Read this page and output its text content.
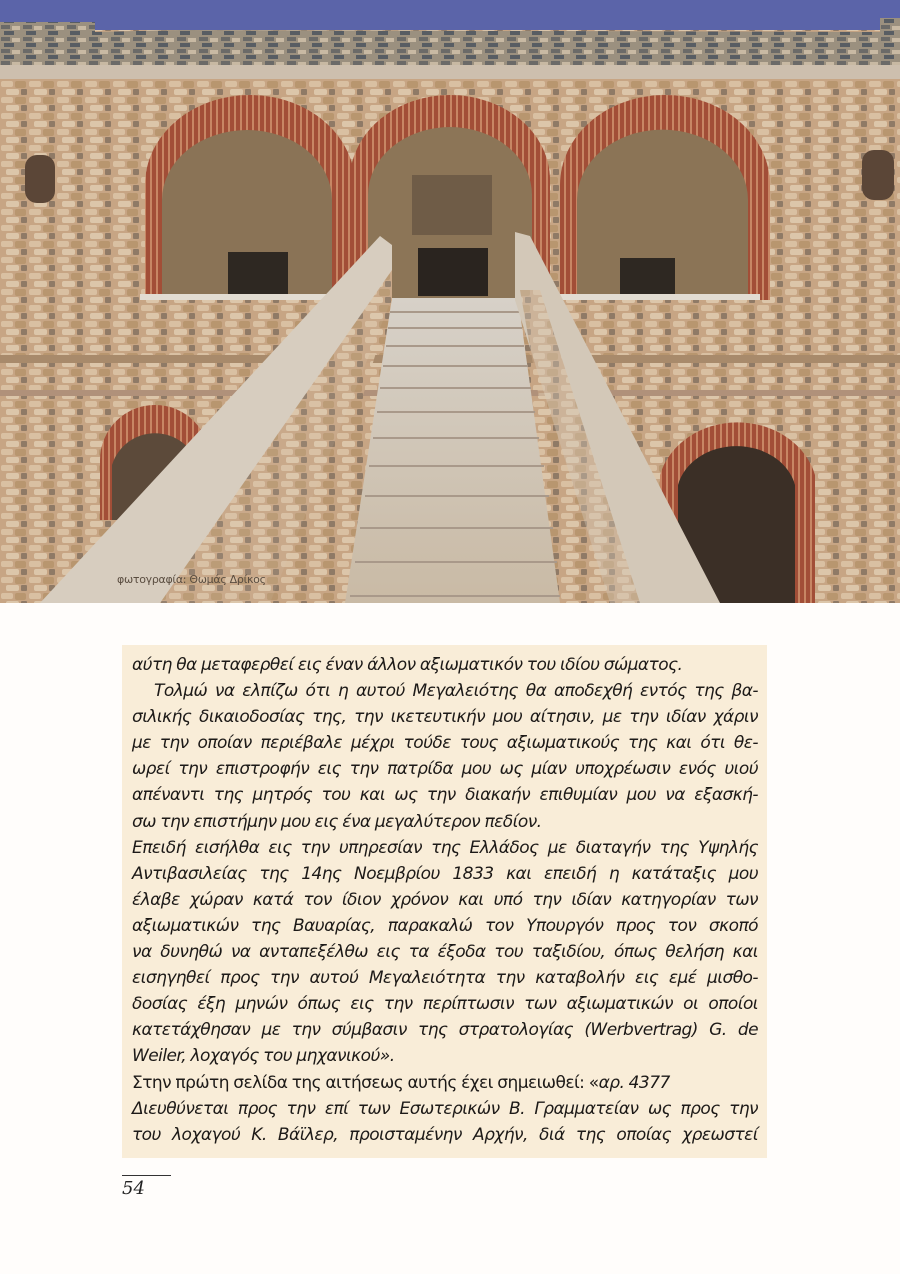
φωτογραφία: Θωμάς Δρίκος
αύτη θα μεταφερθεί εις έναν άλλον αξιωματικόν του ιδίου σώματος.
Τολμώ να ελπίζω ότι η αυτού Μεγαλειότης θα αποδεχθή εντός της βα-
σιλικής δικαιοδοσίας της, την ικετευτικήν μου αίτησιν, με την ιδίαν χάριν
με την οποίαν περιέβαλε μέχρι τούδε τους αξιωματικούς της και ότι θε-
ωρεί την επιστροφήν εις την πατρίδα μου ως μίαν υποχρέωσιν ενός υιού
απέναντι της μητρός του και ως την διακαήν επιθυμίαν μου να εξασκή-
σω την επιστήμην μου εις ένα μεγαλύτερον πεδίον.
Επειδή εισήλθα εις την υπηρεσίαν της Ελλάδος με διαταγήν της Υψηλής
Αντιβασιλείας της 14ης Νοεμβρίου 1833 και επειδή η κατάταξις μου
έλαβε χώραν κατά τον ίδιον χρόνον και υπό την ιδίαν κατηγορίαν των
αξιωματικών της Βαυαρίας, παρακαλώ τον Υπουργόν προς τον σκοπό
να δυνηθώ να ανταπεξέλθω εις τα έξοδα του ταξιδίου, όπως θελήση και
εισηγηθεί προς την αυτού Μεγαλειότητα την καταβολήν εις εμέ μισθο-
δοσίας έξη μηνών όπως εις την περίπτωσιν των αξιωματικών οι οποίοι
κατετάχθησαν με την σύμβασιν της στρατολογίας (Werbvertrag) G. de
Weiler, λοχαγός του μηχανικού».
Στην πρώτη σελίδα της αιτήσεως αυτής έχει σημειωθεί: «αρ. 4377
Διευθύνεται προς την επί των Εσωτερικών Β. Γραμματείαν ως προς την
του λοχαγού Κ. Βάϊλερ, προισταμένην Αρχήν, διά της οποίας χρεωστεί
54
